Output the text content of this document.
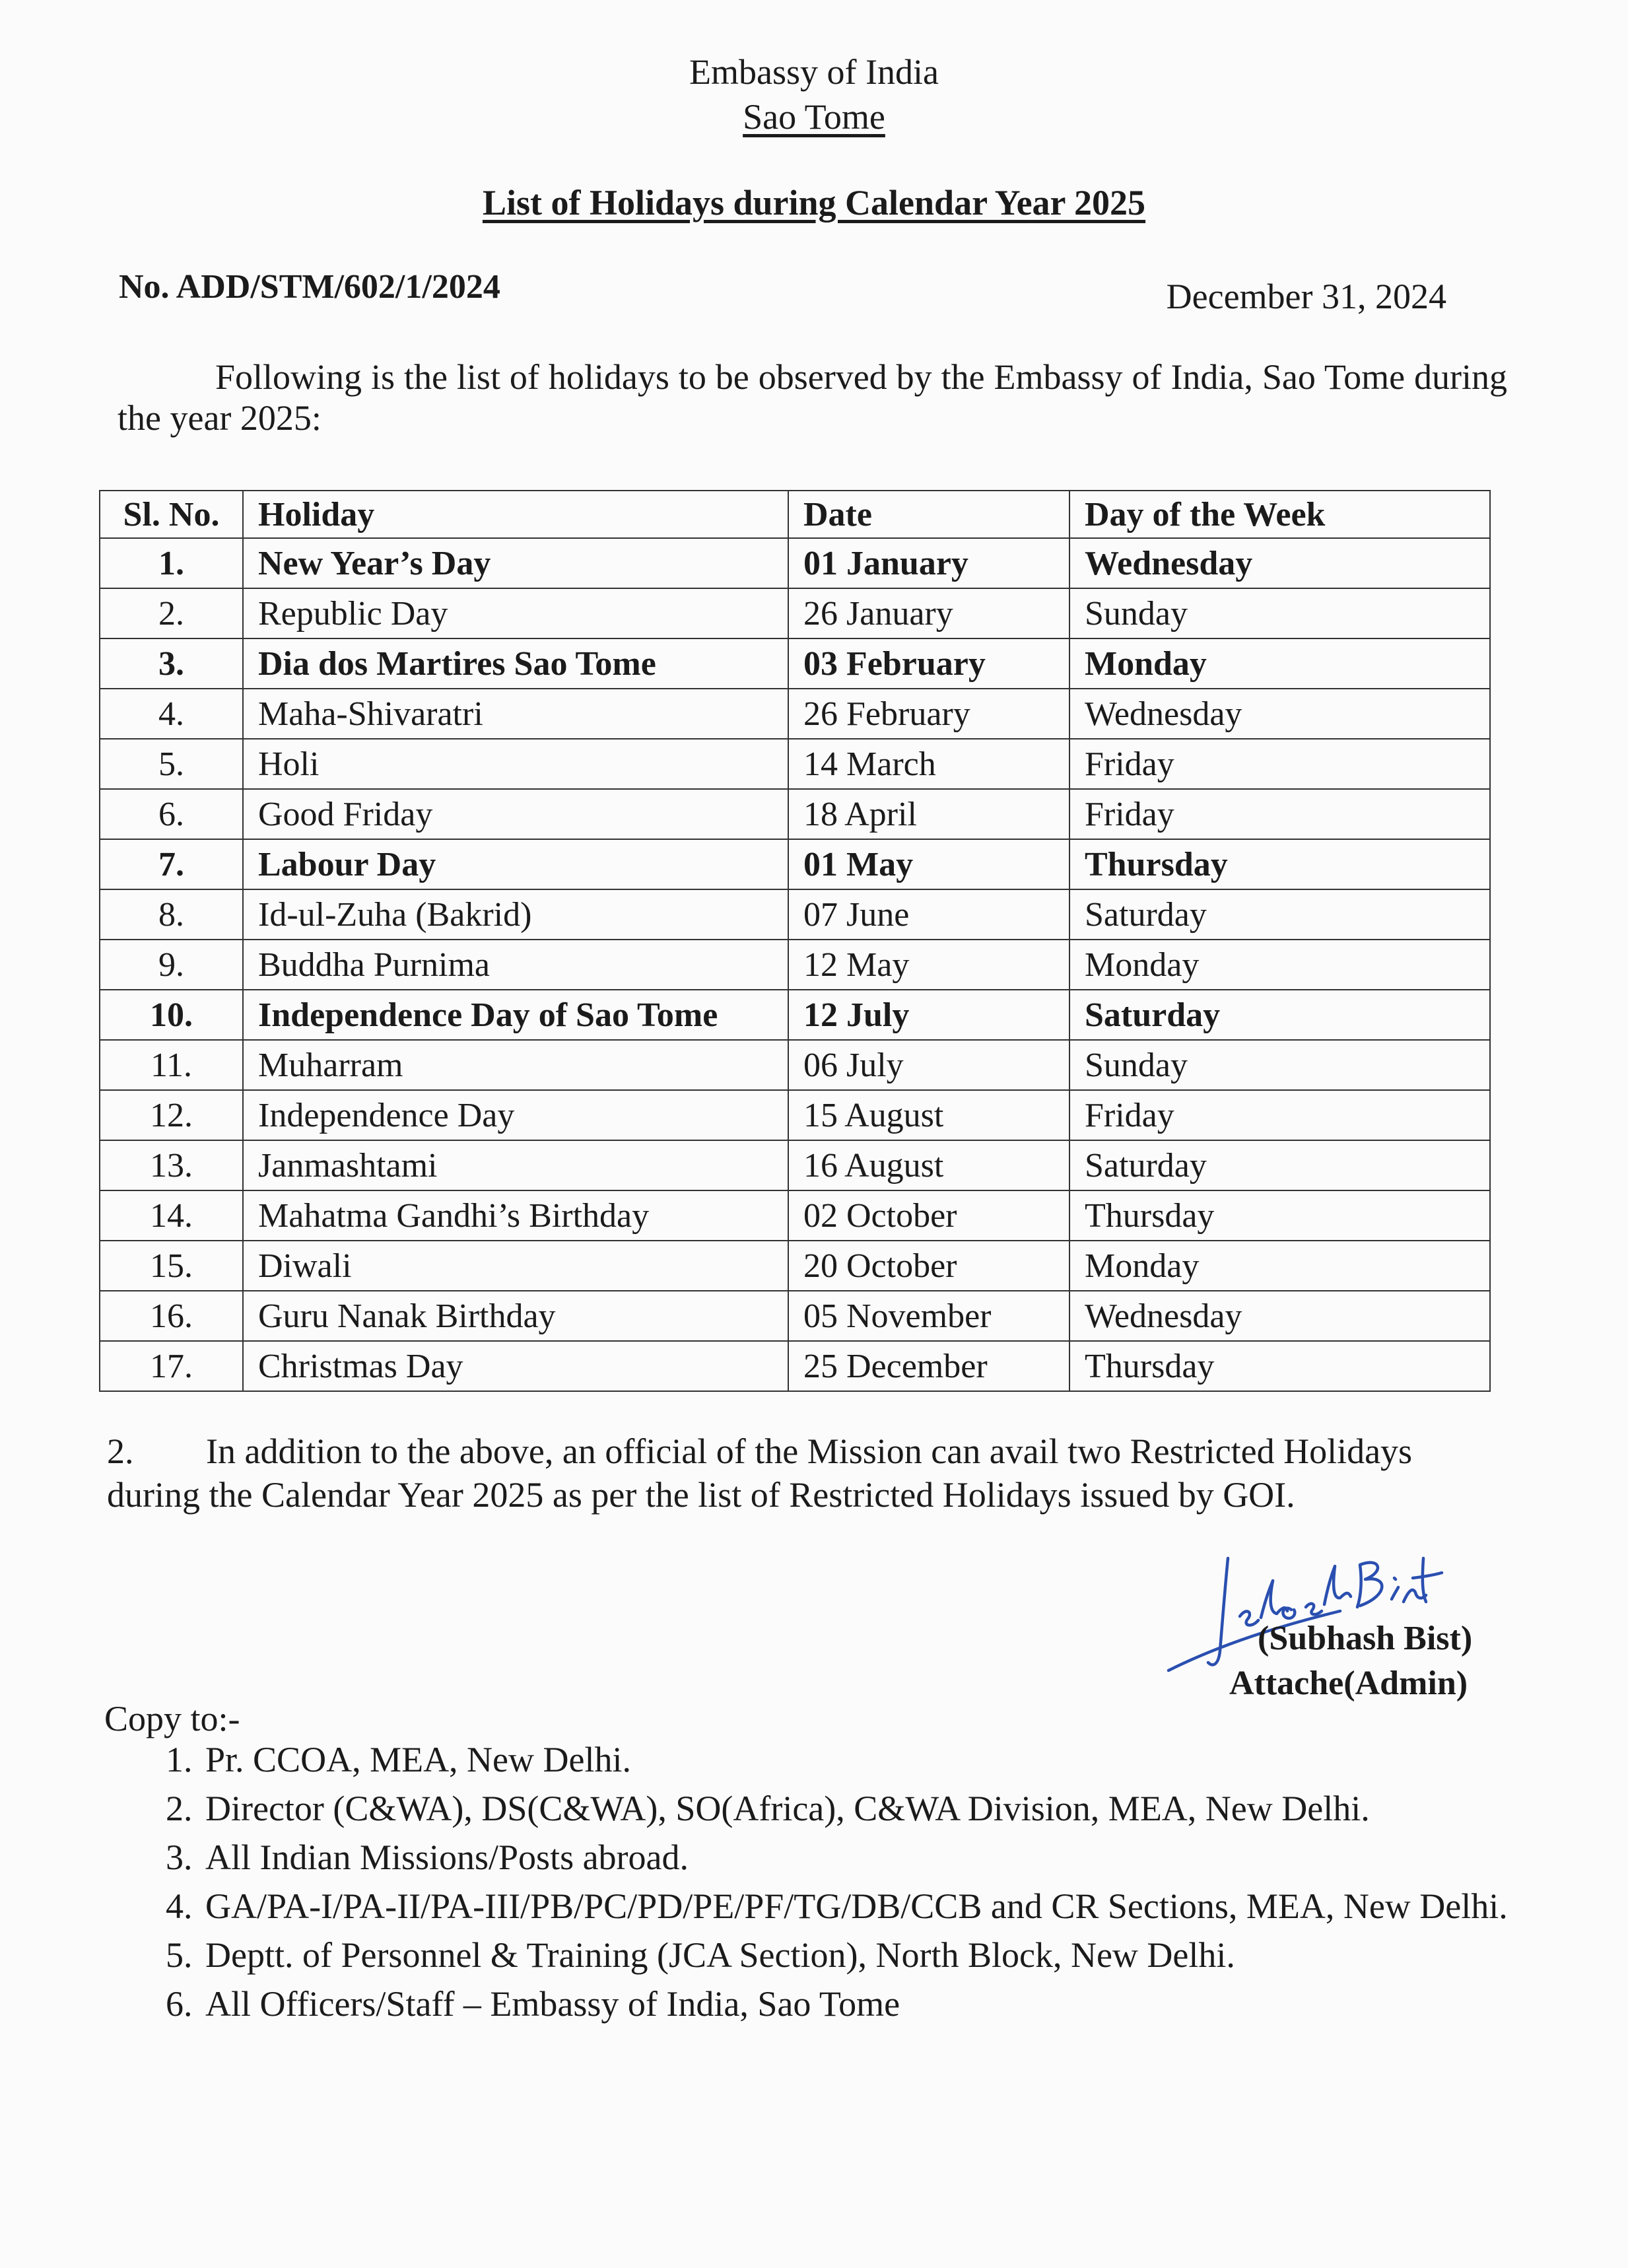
Embassy of India
Sao Tome
List of Holidays during Calendar Year 2025
No. ADD/STM/602/1/2024	December 31, 2024
Following is the list of holidays to be observed by the Embassy of India, Sao Tome during the year 2025:
Sl. No.	Holiday	Date	Day of the Week
1.	New Year’s Day	01 January	Wednesday
2.	Republic Day	26 January	Sunday
3.	Dia dos Martires Sao Tome	03 February	Monday
4.	Maha-Shivaratri	26 February	Wednesday
5.	Holi	14 March	Friday
6.	Good Friday	18 April	Friday
7.	Labour Day	01 May	Thursday
8.	Id-ul-Zuha (Bakrid)	07 June	Saturday
9.	Buddha Purnima	12 May	Monday
10.	Independence Day of Sao Tome	12 July	Saturday
11.	Muharram	06 July	Sunday
12.	Independence Day	15 August	Friday
13.	Janmashtami	16 August	Saturday
14.	Mahatma Gandhi’s Birthday	02 October	Thursday
15.	Diwali	20 October	Monday
16.	Guru Nanak Birthday	05 November	Wednesday
17.	Christmas Day	25 December	Thursday
2. In addition to the above, an official of the Mission can avail two Restricted Holidays during the Calendar Year 2025 as per the list of Restricted Holidays issued by GOI.
Subhash Bist
(Subhash Bist)
Attache(Admin)
Copy to:-
1. Pr. CCOA, MEA, New Delhi.
2. Director (C&WA), DS(C&WA), SO(Africa), C&WA Division, MEA, New Delhi.
3. All Indian Missions/Posts abroad.
4. GA/PA-I/PA-II/PA-III/PB/PC/PD/PE/PF/TG/DB/CCB and CR Sections, MEA, New Delhi.
5. Deptt. of Personnel & Training (JCA Section), North Block, New Delhi.
6. All Officers/Staff – Embassy of India, Sao Tome
